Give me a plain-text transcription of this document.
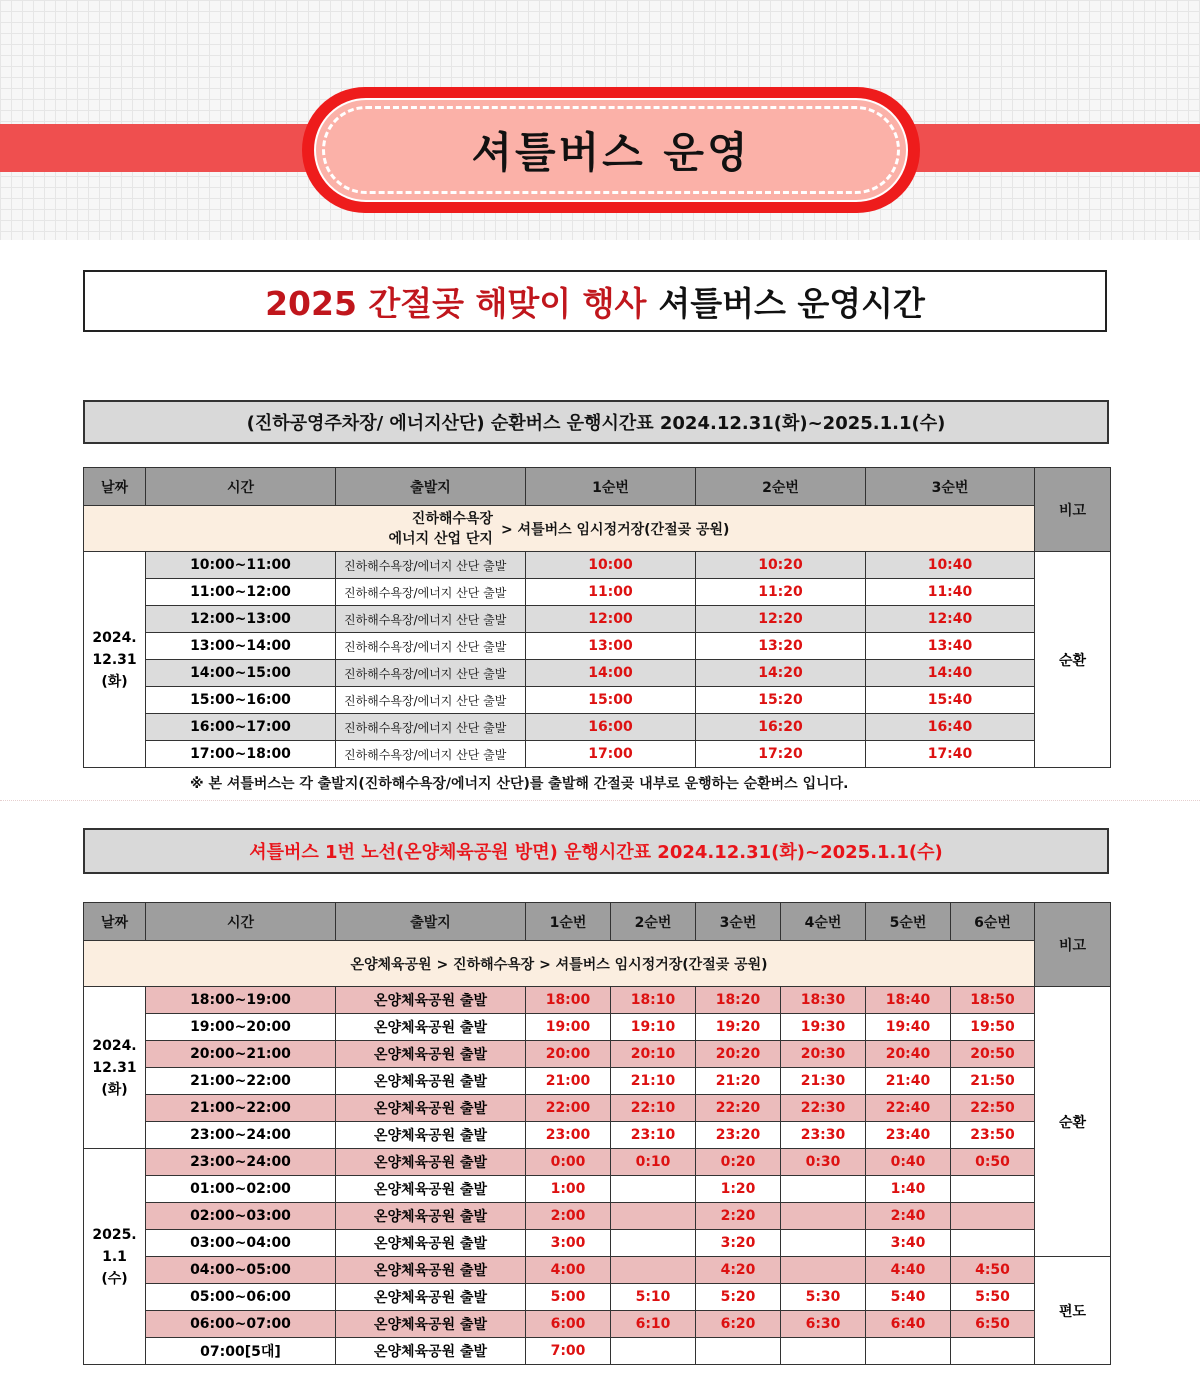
셔틀버스 운영
2025 간절곶 해맞이 행사 셔틀버스 운영시간
(진하공영주차장/ 에너지산단) 순환버스 운행시간표 2024.12.31(화)~2025.1.1(수)
날짜	시간	출발지	1순번	2순번	3순번	비고

진하해수욕장
에너지 산업 단지
> 셔틀버스 임시정거장(간절곶 공원)						

2024.
12.31
(화)	10:00~11:00	진하해수욕장/에너지 산단 출발	10:00	10:20	10:40	순환
	11:00~12:00	진하해수욕장/에너지 산단 출발	11:00	11:20	11:40	
	12:00~13:00	진하해수욕장/에너지 산단 출발	12:00	12:20	12:40	
	13:00~14:00	진하해수욕장/에너지 산단 출발	13:00	13:20	13:40	
	14:00~15:00	진하해수욕장/에너지 산단 출발	14:00	14:20	14:40	
	15:00~16:00	진하해수욕장/에너지 산단 출발	15:00	15:20	15:40	
	16:00~17:00	진하해수욕장/에너지 산단 출발	16:00	16:20	16:40	
	17:00~18:00	진하해수욕장/에너지 산단 출발	17:00	17:20	17:40	
※ 본 셔틀버스는 각 출발지(진하해수욕장/에너지 산단)를 출발해 간절곶 내부로 운행하는 순환버스 입니다.
셔틀버스 1번 노선(온양체육공원 방면) 운행시간표 2024.12.31(화)~2025.1.1(수)
날짜	시간	출발지	1순번	2순번	3순번	4순번	5순번	6순번	비고
온양체육공원 > 진하해수욕장 > 셔틀버스 임시정거장(간절곶 공원)									

2024.
12.31
(화)	18:00~19:00	온양체육공원 출발	18:00	18:10	18:20	18:30	18:40	18:50	순환
	19:00~20:00	온양체육공원 출발	19:00	19:10	19:20	19:30	19:40	19:50	
	20:00~21:00	온양체육공원 출발	20:00	20:10	20:20	20:30	20:40	20:50	
	21:00~22:00	온양체육공원 출발	21:00	21:10	21:20	21:30	21:40	21:50	
	21:00~22:00	온양체육공원 출발	22:00	22:10	22:20	22:30	22:40	22:50	
	23:00~24:00	온양체육공원 출발	23:00	23:10	23:20	23:30	23:40	23:50	

2025.
1.1
(수)	23:00~24:00	온양체육공원 출발	0:00	0:10	0:20	0:30	0:40	0:50	
	01:00~02:00	온양체육공원 출발	1:00		1:20		1:40		
	02:00~03:00	온양체육공원 출발	2:00		2:20		2:40		
	03:00~04:00	온양체육공원 출발	3:00		3:20		3:40		
	04:00~05:00	온양체육공원 출발	4:00		4:20		4:40	4:50	편도
	05:00~06:00	온양체육공원 출발	5:00	5:10	5:20	5:30	5:40	5:50	
	06:00~07:00	온양체육공원 출발	6:00	6:10	6:20	6:30	6:40	6:50	
	07:00[5대]	온양체육공원 출발	7:00						
